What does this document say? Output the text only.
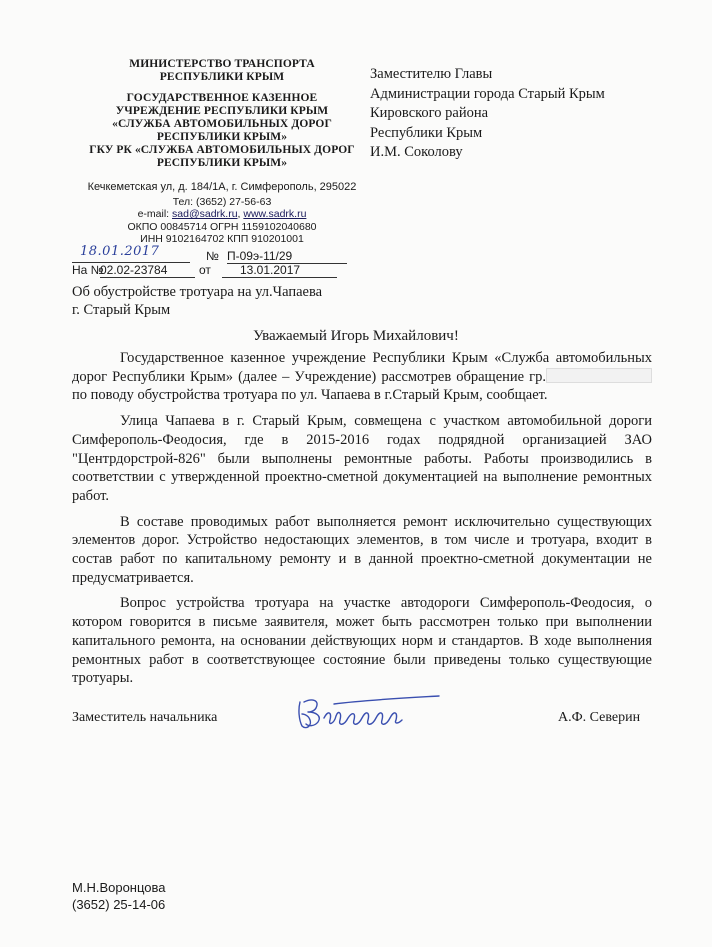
МИНИСТЕРСТВО ТРАНСПОРТА
РЕСПУБЛИКИ КРЫМ
ГОСУДАРСТВЕННОЕ КАЗЕННОЕ
УЧРЕЖДЕНИЕ РЕСПУБЛИКИ КРЫМ
«СЛУЖБА АВТОМОБИЛЬНЫХ ДОРОГ
РЕСПУБЛИКИ КРЫМ»
ГКУ РК «СЛУЖБА АВТОМОБИЛЬНЫХ ДОРОГ
РЕСПУБЛИКИ КРЫМ»
Кечкеметская ул, д. 184/1А, г. Симферополь, 295022
Тел: (3652) 27-56-63
e-mail: sad@sadrk.ru, www.sadrk.ru
ОКПО 00845714 ОГРН 1159102040680
ИНН 9102164702 КПП 910201001
Заместителю Главы
Администрации города Старый Крым
Кировского района
Республики Крым
И.М. Соколову
№ П-09э-11/29
18.01.2017
На №
02.02-23784	от	13.01.2017
Об обустройстве тротуара на ул.Чапаева
г. Старый Крым
Уважаемый Игорь Михайлович!

Государственное казенное учреждение Республики Крым «Служба автомобильных дорог Республики Крым» (далее – Учреждение) рассмотрев обращение гр. по поводу обустройства тротуара по ул. Чапаева в г.Старый Крым, сообщает.

Улица Чапаева в г. Старый Крым, совмещена с участком автомобильной дороги Симферополь-Феодосия, где в 2015-2016 годах подрядной организацией ЗАО "Центрдорстрой-826" были выполнены ремонтные работы. Работы производились в соответствии с утвержденной проектно-сметной документацией на выполнение ремонтных работ.

В составе проводимых работ выполняется ремонт исключительно существующих элементов дорог. Устройство недостающих элементов, в том числе и тротуара, входит в состав работ по капитальному ремонту и в данной проектно-сметной документации не предусматривается.

Вопрос устройства тротуара на участке автодороги Симферополь-Феодосия, о котором говорится в письме заявителя, может быть рассмотрен только при выполнении капитального ремонта, на основании действующих норм и стандартов. В ходе выполнения ремонтных работ в соответствующее состояние были приведены только существующие тротуары.

Заместитель начальника	А.Ф. Северин
М.Н.Воронцова
(3652) 25-14-06
